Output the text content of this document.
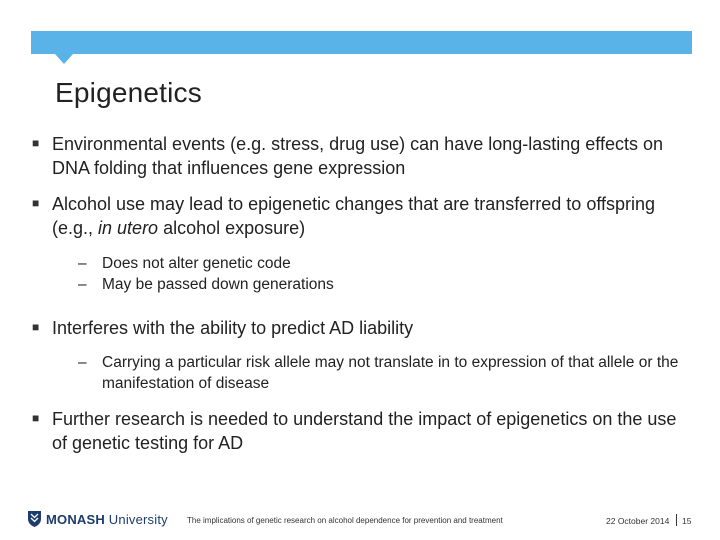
Epigenetics
■ Environmental events (e.g. stress, drug use) can have long-lasting effects on DNA folding that influences gene expression
■ Alcohol use may lead to epigenetic changes that are transferred to offspring (e.g., in utero alcohol exposure)
– Does not alter genetic code
– May be passed down generations
■ Interferes with the ability to predict AD liability
– Carrying a particular risk allele may not translate in to expression of that allele or the manifestation of disease
■ Further research is needed to understand the impact of epigenetics on the use of genetic testing for AD
MONASH University The implications of genetic research on alcohol dependence for prevention and treatment	22 October 2014 15
